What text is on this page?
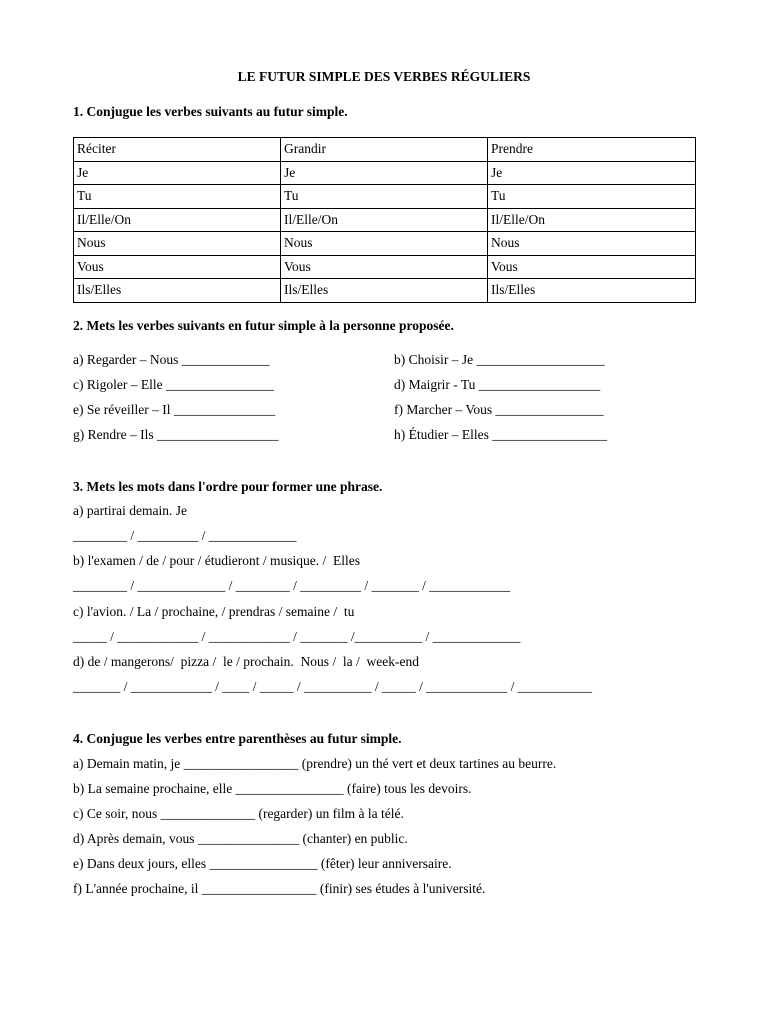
LE FUTUR SIMPLE DES VERBES RÉGULIERS
1. Conjugue les verbes suivants au futur simple.
Réciter	Grandir	Prendre
Je	Je	Je
Tu	Tu	Tu
Il/Elle/On	Il/Elle/On	Il/Elle/On
Nous	Nous	Nous
Vous	Vous	Vous
Ils/Elles	Ils/Elles	Ils/Elles
2. Mets les verbes suivants en futur simple à la personne proposée.
a) Regarder – Nous _____________
c) Rigoler – Elle ________________
e) Se réveiller – Il _______________
g) Rendre – Ils __________________
b) Choisir – Je ___________________
d) Maigrir - Tu __________________
f) Marcher – Vous ________________
h) Étudier – Elles _________________
3. Mets les mots dans l'ordre pour former une phrase.
a) partirai demain. Je
________ / _________ / _____________
b) l'examen / de / pour / étudieront / musique. /  Elles
________ / _____________ / ________ / _________ / _______ / ____________
c) l'avion. / La / prochaine, / prendras / semaine /  tu
_____ / ____________ / ____________ / _______ /__________ / _____________
d) de / mangerons/  pizza /  le / prochain.  Nous /  la /  week-end
_______ / ____________ / ____ / _____ / __________ / _____ / ____________ / ___________
4. Conjugue les verbes entre parenthèses au futur simple.
a) Demain matin, je _________________ (prendre) un thé vert et deux tartines au beurre.
b) La semaine prochaine, elle ________________ (faire) tous les devoirs.
c) Ce soir, nous ______________ (regarder) un film à la télé.
d) Après demain, vous _______________ (chanter) en public.
e) Dans deux jours, elles ________________ (fêter) leur anniversaire.
f) L'année prochaine, il _________________ (finir) ses études à l'université.
